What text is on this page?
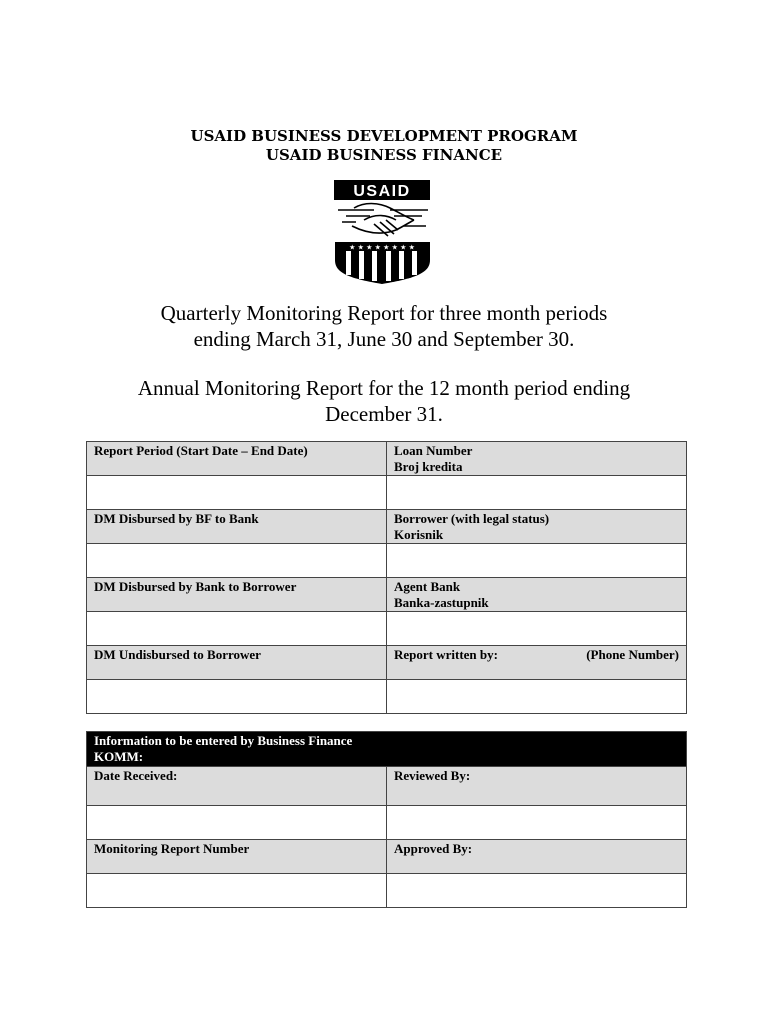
USAID BUSINESS DEVELOPMENT PROGRAM
USAID BUSINESS FINANCE
USAID
★ ★ ★ ★ ★ ★ ★ ★
Quarterly Monitoring Report for three month periods
ending March 31, June 30 and September 30.
Annual Monitoring Report for the 12 month period ending
December 31.
Report Period (Start Date – End Date)	Loan Number
Broj kredita

DM Disbursed by BF to Bank	Borrower (with legal status)
Korisnik

DM Disbursed by Bank to Borrower	Agent Bank
Banka-zastupnik

DM Undisbursed to Borrower	Report written by: (Phone Number)

Information to be entered by Business Finance
KOMM:	

Date Received:	Reviewed By:

Monitoring Report Number	Approved By:
